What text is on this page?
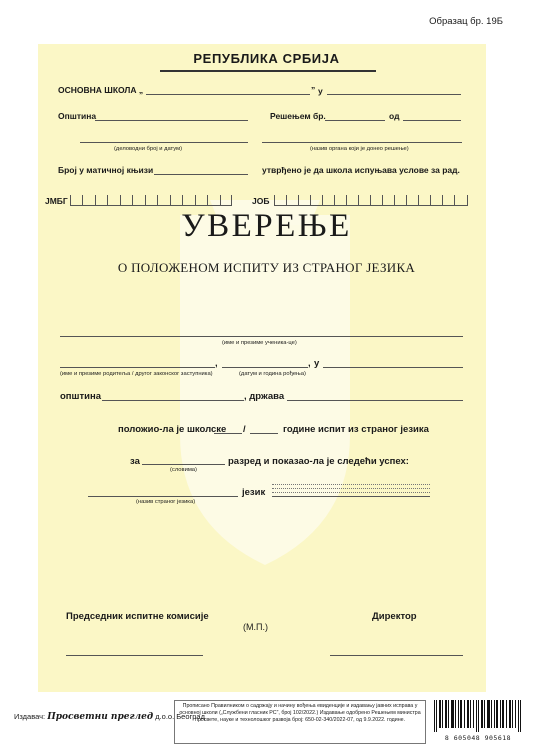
Образац бр. 19Б
РЕПУБЛИКА СРБИЈА
ОСНОВНА ШКОЛА „	” у
Општина	Решењем бр.	од
(деловодни број и датум)	(назив органа који је донео решење)
Број у матичној књизи	утврђено је да школа испуњава услове за рад.
ЈМБГ	ЈОБ
УВЕРЕЊЕ
О ПОЛОЖЕНОМ ИСПИТУ ИЗ СТРАНОГ ЈЕЗИКА
(име и презиме ученика-це)
,	, у
(име и презиме родитеља / другог законског заступника)	(датум и година рођења)
општина	, држава
положио-ла је школске /	године испит из страног језика
за
(словима)
разред и показао-ла је следећи успех:
(назив страног језика)
језик
Председник испитне комисије
(М.П.)
Директор
Издавач: Просветни преглед д.о.о. Београд
Прописано Правилником о садржају и начину вођења евиденције и издавању јавних исправа у основној школи („Службени гласник РС”, број 102/2022.) Издавање одобрено Решењем министра просвете, науке и технолошког развоја број: 650-02-340/2022-07, од 9.9.2022. године.
8 605048 905618
